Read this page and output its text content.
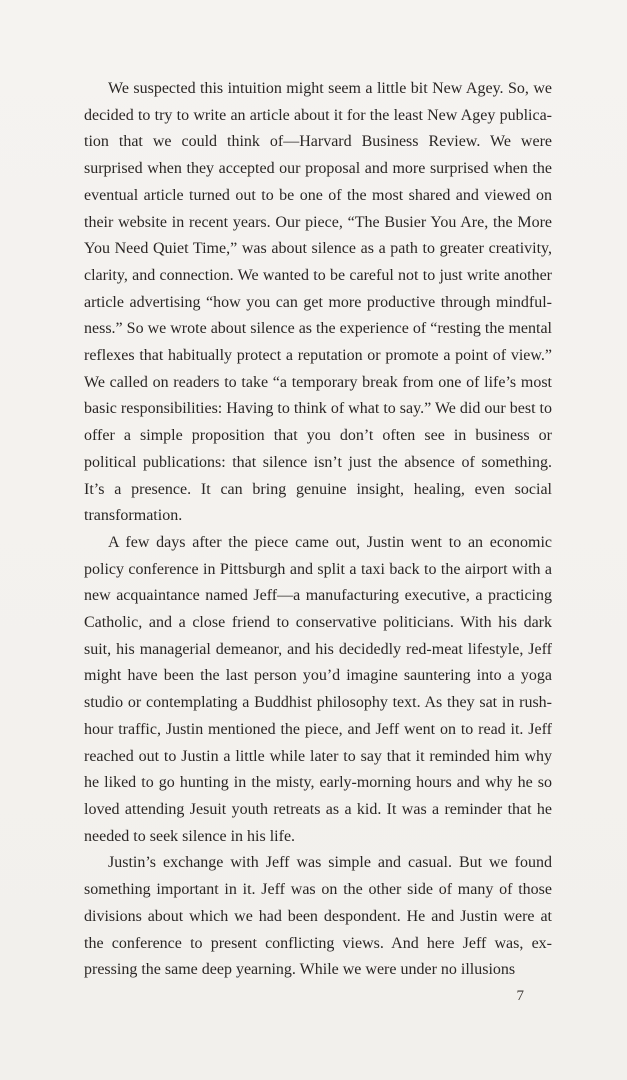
We suspected this intuition might seem a little bit New Agey. So, we decided to try to write an article about it for the least New Agey publication that we could think of—Harvard Business Review. We were surprised when they accepted our proposal and more surprised when the eventual article turned out to be one of the most shared and viewed on their website in recent years. Our piece, “The Busier You Are, the More You Need Quiet Time,” was about silence as a path to greater creativity, clarity, and connection. We wanted to be careful not to just write another article advertising “how you can get more productive through mindfulness.” So we wrote about silence as the experience of “resting the mental reflexes that habitually protect a reputation or promote a point of view.” We called on readers to take “a temporary break from one of life’s most basic responsibilities: Having to think of what to say.” We did our best to offer a simple proposition that you don’t often see in business or political publications: that silence isn’t just the absence of something. It’s a presence. It can bring genuine insight, healing, even social transformation.

A few days after the piece came out, Justin went to an economic policy conference in Pittsburgh and split a taxi back to the airport with a new acquaintance named Jeff—a manufacturing executive, a practicing Catholic, and a close friend to conservative politicians. With his dark suit, his managerial demeanor, and his decidedly red-meat lifestyle, Jeff might have been the last person you’d imagine sauntering into a yoga studio or contemplating a Buddhist philosophy text. As they sat in rush-hour traffic, Justin mentioned the piece, and Jeff went on to read it. Jeff reached out to Justin a little while later to say that it reminded him why he liked to go hunting in the misty, early-morning hours and why he so loved attending Jesuit youth retreats as a kid. It was a reminder that he needed to seek silence in his life.

Justin’s exchange with Jeff was simple and casual. But we found something important in it. Jeff was on the other side of many of those divisions about which we had been despondent. He and Justin were at the conference to present conflicting views. And here Jeff was, expressing the same deep yearning. While we were under no illusions

7
